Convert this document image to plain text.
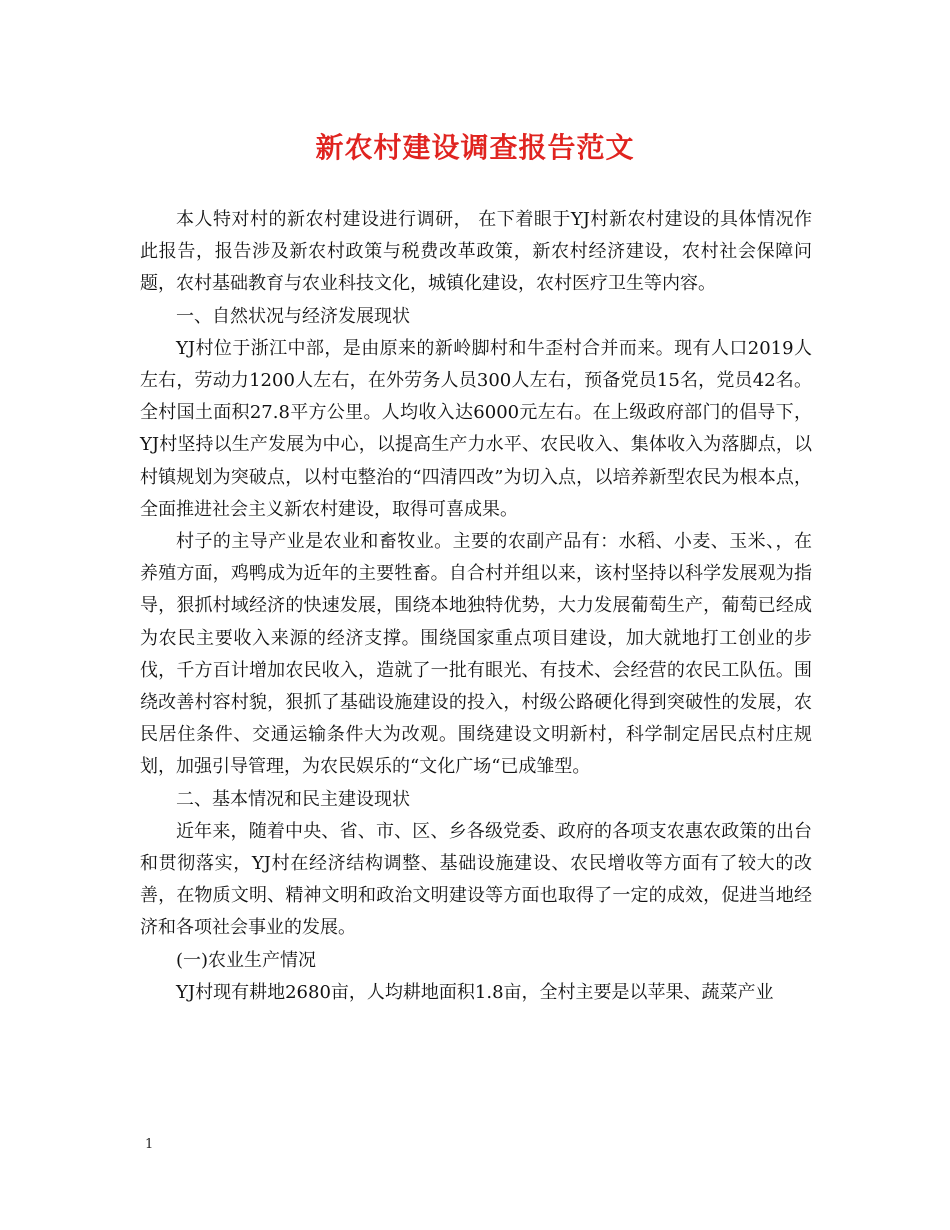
新农村建设调查报告范文

本人特对村的新农村建设进行调研， 在下着眼于YJ村新农村建设的具体情况作此报告，报告涉及新农村政策与税费改革政策，新农村经济建设，农村社会保障问题，农村基础教育与农业科技文化，城镇化建设，农村医疗卫生等内容。

一、自然状况与经济发展现状

YJ村位于浙江中部，是由原来的新岭脚村和牛歪村合并而来。现有人口2019人左右，劳动力1200人左右，在外劳务人员300人左右，预备党员15名，党员42名。全村国土面积27.8平方公里。人均收入达6000元左右。在上级政府部门的倡导下，YJ村坚持以生产发展为中心，以提高生产力水平、农民收入、集体收入为落脚点，以村镇规划为突破点，以村屯整治的“四清四改”为切入点，以培养新型农民为根本点，全面推进社会主义新农村建设，取得可喜成果。

村子的主导产业是农业和畜牧业。主要的农副产品有：水稻、小麦、玉米、，在养殖方面，鸡鸭成为近年的主要牲畜。自合村并组以来，该村坚持以科学发展观为指导，狠抓村域经济的快速发展，围绕本地独特优势，大力发展葡萄生产，葡萄已经成为农民主要收入来源的经济支撑。围绕国家重点项目建设，加大就地打工创业的步伐，千方百计增加农民收入，造就了一批有眼光、有技术、会经营的农民工队伍。围绕改善村容村貌，狠抓了基础设施建设的投入，村级公路硬化得到突破性的发展，农民居住条件、交通运输条件大为改观。围绕建设文明新村，科学制定居民点村庄规划，加强引导管理，为农民娱乐的“文化广场“已成雏型。

二、基本情况和民主建设现状

近年来，随着中央、省、市、区、乡各级党委、政府的各项支农惠农政策的出台和贯彻落实，YJ村在经济结构调整、基础设施建设、农民增收等方面有了较大的改善，在物质文明、精神文明和政治文明建设等方面也取得了一定的成效，促进当地经济和各项社会事业的发展。

(一)农业生产情况

YJ村现有耕地2680亩，人均耕地面积1.8亩，全村主要是以苹果、蔬菜产业

1
